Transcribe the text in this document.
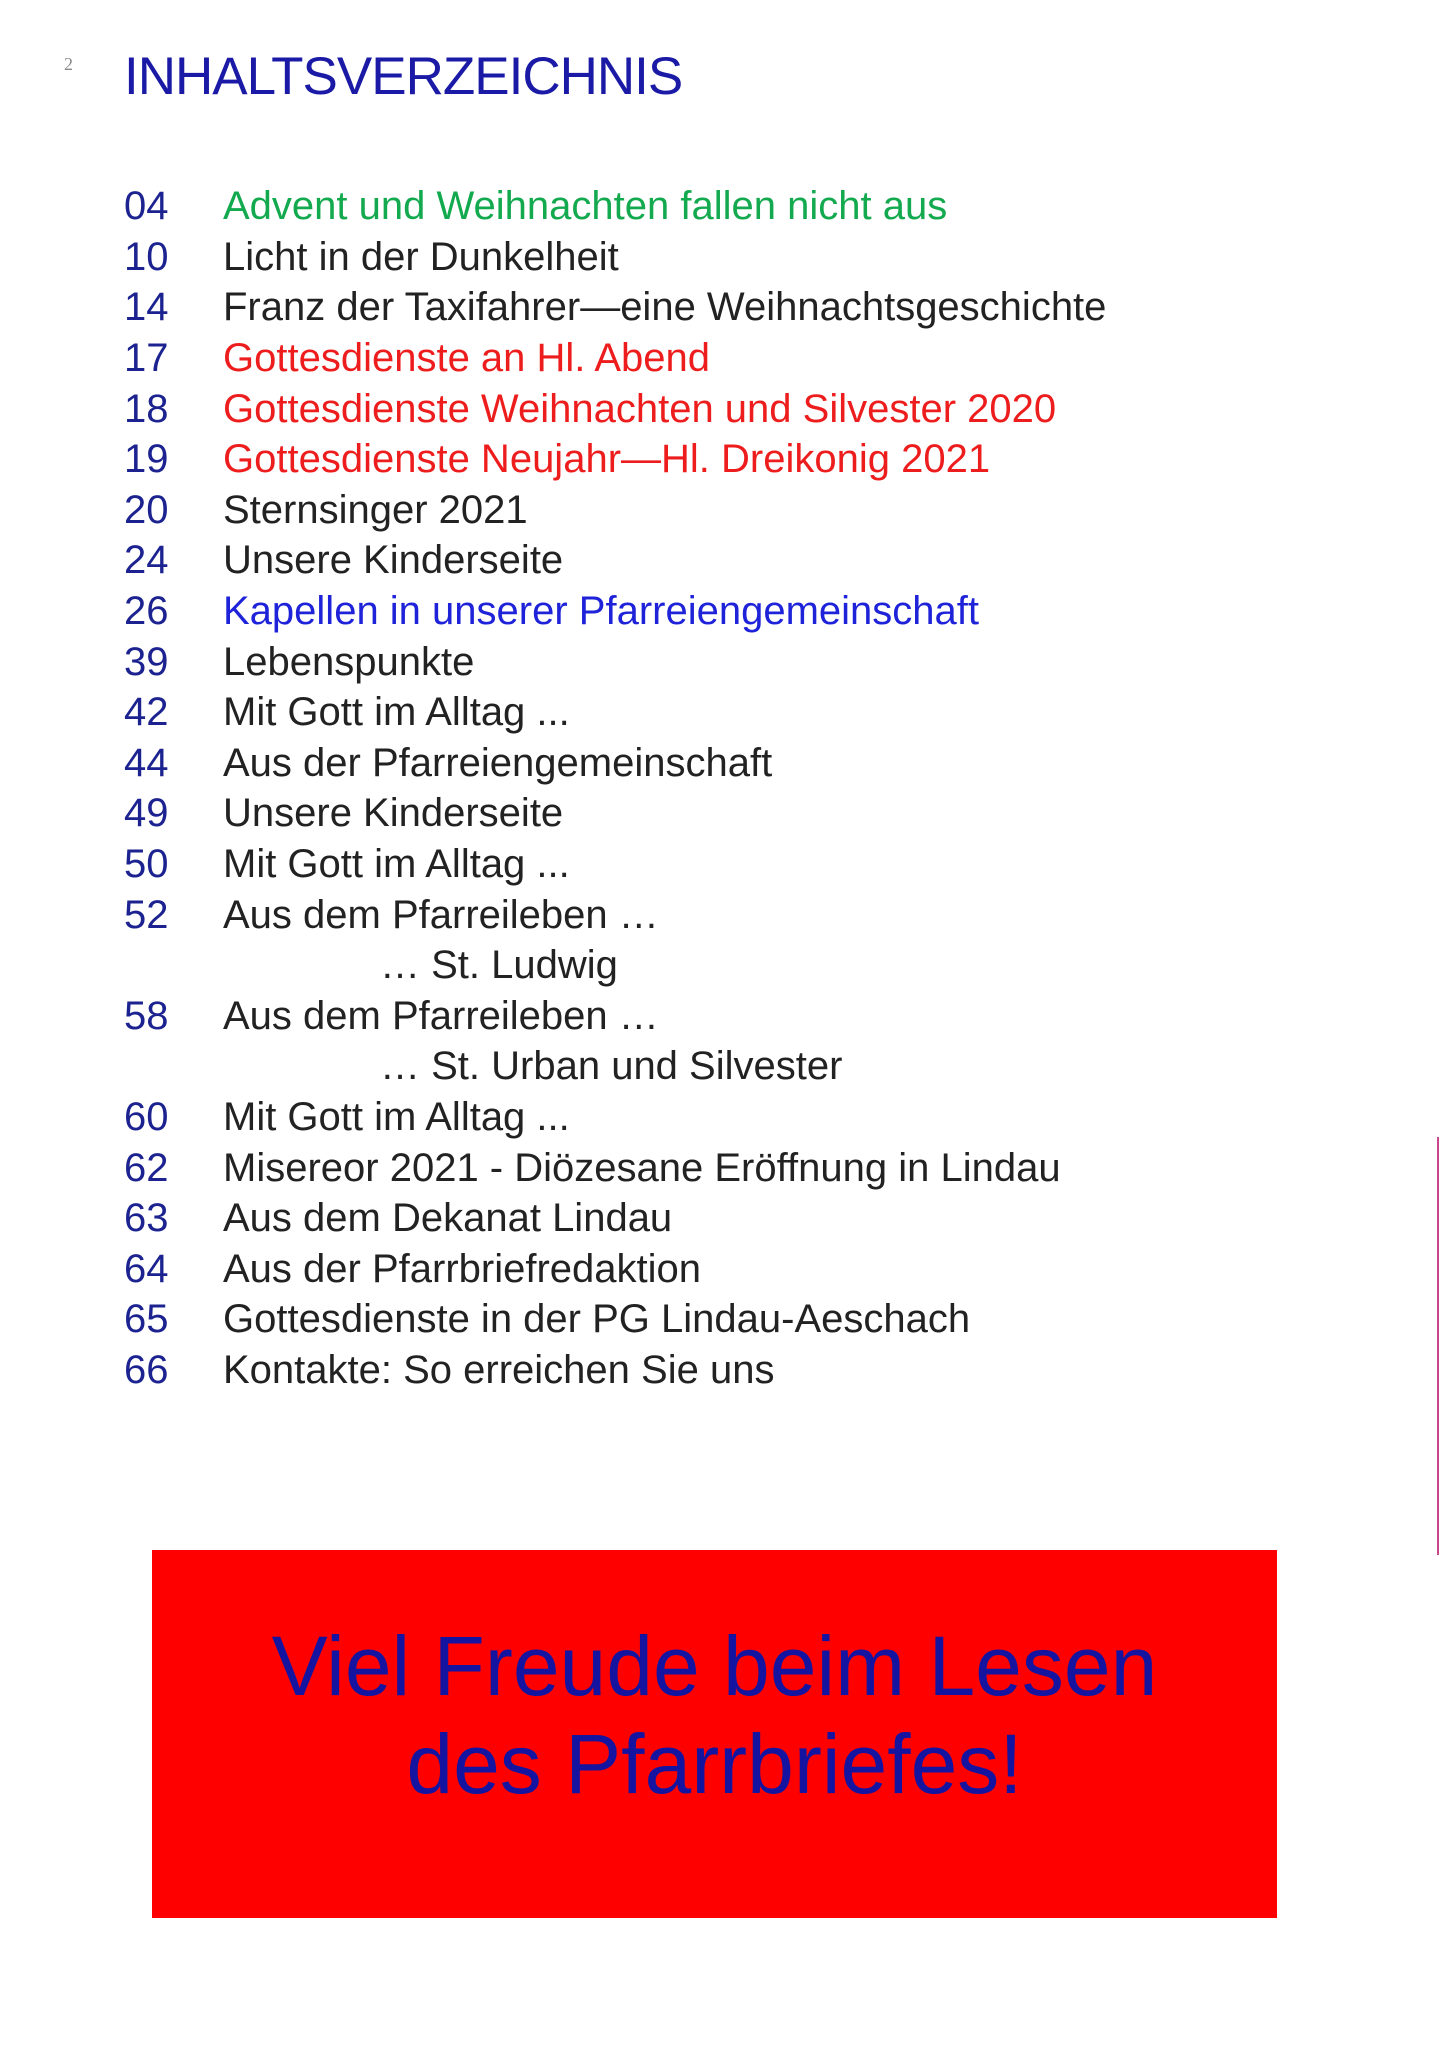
2 INHALTSVERZEICHNIS
04	Advent und Weihnachten fallen nicht aus
10	Licht in der Dunkelheit
14	Franz der Taxifahrer—eine Weihnachtsgeschichte
17	Gottesdienste an Hl. Abend
18	Gottesdienste Weihnachten und Silvester 2020
19	Gottesdienste Neujahr—Hl. Dreikonig 2021
20	Sternsinger 2021
24	Unsere Kinderseite
26	Kapellen in unserer Pfarreiengemeinschaft
39	Lebenspunkte
42	Mit Gott im Alltag ...
44	Aus der Pfarreiengemeinschaft
49	Unsere Kinderseite
50	Mit Gott im Alltag ...
52	Aus dem Pfarreileben …
… St. Ludwig
58	Aus dem Pfarreileben …
… St. Urban und Silvester
60	Mit Gott im Alltag ...
62	Misereor 2021 - Diözesane Eröffnung in Lindau
63	Aus dem Dekanat Lindau
64	Aus der Pfarrbriefredaktion
65	Gottesdienste in der PG Lindau-Aeschach
66	Kontakte: So erreichen Sie uns
Viel Freude beim Lesen
des Pfarrbriefes!
